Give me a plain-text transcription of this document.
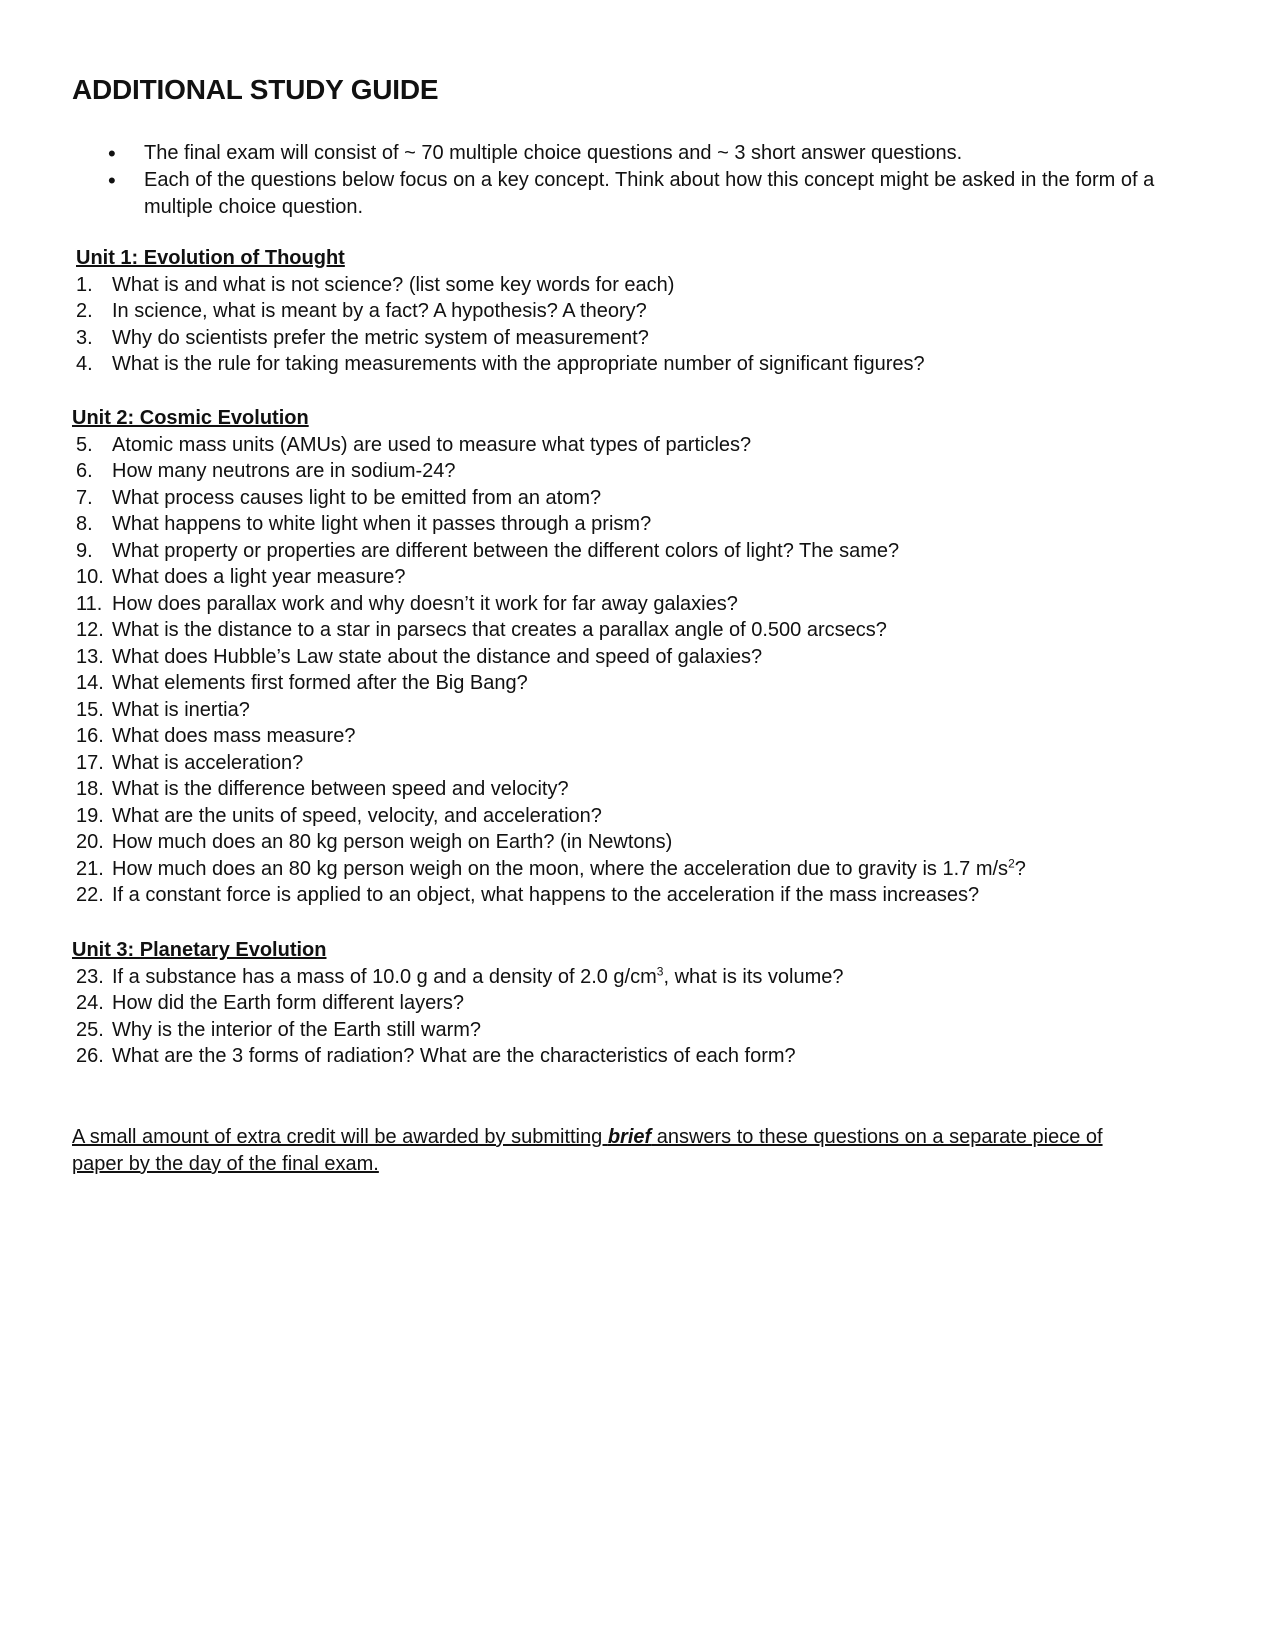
ADDITIONAL STUDY GUIDE
• The final exam will consist of ~ 70 multiple choice questions and ~ 3 short answer questions.
• Each of the questions below focus on a key concept. Think about how this concept might be asked in the form of a multiple choice question.
Unit 1: Evolution of Thought
1. What is and what is not science? (list some key words for each)
2. In science, what is meant by a fact? A hypothesis? A theory?
3. Why do scientists prefer the metric system of measurement?
4. What is the rule for taking measurements with the appropriate number of significant figures?
Unit 2: Cosmic Evolution
5. Atomic mass units (AMUs) are used to measure what types of particles?
6. How many neutrons are in sodium-24?
7. What process causes light to be emitted from an atom?
8. What happens to white light when it passes through a prism?
9. What property or properties are different between the different colors of light? The same?
10. What does a light year measure?
11. How does parallax work and why doesn’t it work for far away galaxies?
12. What is the distance to a star in parsecs that creates a parallax angle of 0.500 arcsecs?
13. What does Hubble’s Law state about the distance and speed of galaxies?
14. What elements first formed after the Big Bang?
15. What is inertia?
16. What does mass measure?
17. What is acceleration?
18. What is the difference between speed and velocity?
19. What are the units of speed, velocity, and acceleration?
20. How much does an 80 kg person weigh on Earth? (in Newtons)
21. How much does an 80 kg person weigh on the moon, where the acceleration due to gravity is 1.7 $m/s^2$?
22. If a constant force is applied to an object, what happens to the acceleration if the mass increases?
Unit 3: Planetary Evolution
23. If a substance has a mass of 10.0 g and a density of 2.0 $g/cm^3$, what is its volume?
24. How did the Earth form different layers?
25. Why is the interior of the Earth still warm?
26. What are the 3 forms of radiation? What are the characteristics of each form?

A small amount of extra credit will be awarded by submitting brief answers to these questions on a separate piece of paper by the day of the final exam.
